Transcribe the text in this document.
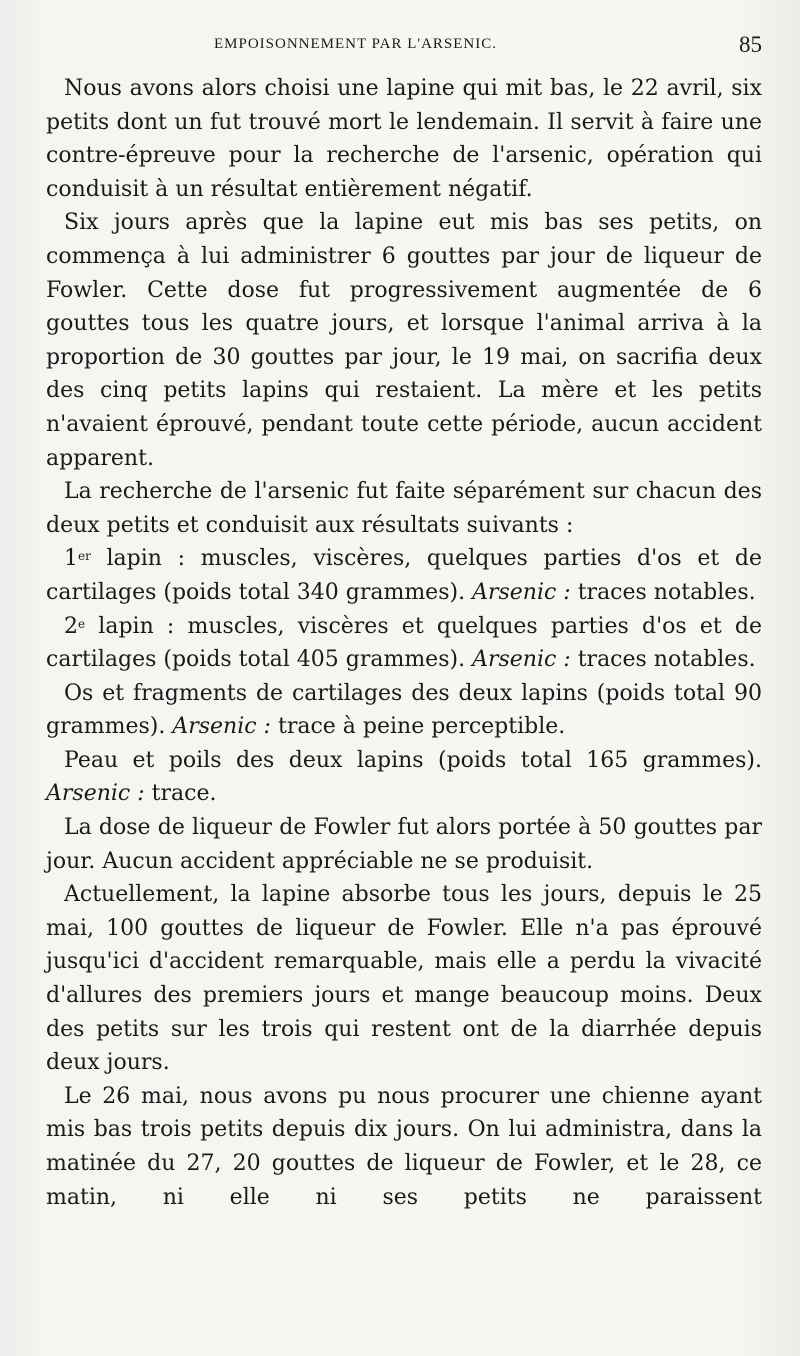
EMPOISONNEMENT PAR L'ARSENIC.	85

Nous avons alors choisi une lapine qui mit bas, le 22 avril, six petits dont un fut trouvé mort le lendemain. Il servit à faire une contre-épreuve pour la recherche de l'arsenic, opération qui conduisit à un résultat entièrement négatif.

Six jours après que la lapine eut mis bas ses petits, on commença à lui administrer 6 gouttes par jour de liqueur de Fowler. Cette dose fut progressivement augmentée de 6 gouttes tous les quatre jours, et lorsque l'animal arriva à la proportion de 30 gouttes par jour, le 19 mai, on sacrifia deux des cinq petits lapins qui restaient. La mère et les petits n'avaient éprouvé, pendant toute cette période, aucun accident apparent.

La recherche de l'arsenic fut faite séparément sur chacun des deux petits et conduisit aux résultats suivants :

1er lapin : muscles, viscères, quelques parties d'os et de cartilages (poids total 340 grammes). Arsenic : traces notables.

2e lapin : muscles, viscères et quelques parties d'os et de cartilages (poids total 405 grammes). Arsenic : traces notables.

Os et fragments de cartilages des deux lapins (poids total 90 grammes). Arsenic : trace à peine perceptible.

Peau et poils des deux lapins (poids total 165 grammes). Arsenic : trace.

La dose de liqueur de Fowler fut alors portée à 50 gouttes par jour. Aucun accident appréciable ne se produisit.

Actuellement, la lapine absorbe tous les jours, depuis le 25 mai, 100 gouttes de liqueur de Fowler. Elle n'a pas éprouvé jusqu'ici d'accident remarquable, mais elle a perdu la vivacité d'allures des premiers jours et mange beaucoup moins. Deux des petits sur les trois qui restent ont de la diarrhée depuis deux jours.

Le 26 mai, nous avons pu nous procurer une chienne ayant mis bas trois petits depuis dix jours. On lui administra, dans la matinée du 27, 20 gouttes de liqueur de Fowler, et le 28, ce matin, ni elle ni ses petits ne paraissent
